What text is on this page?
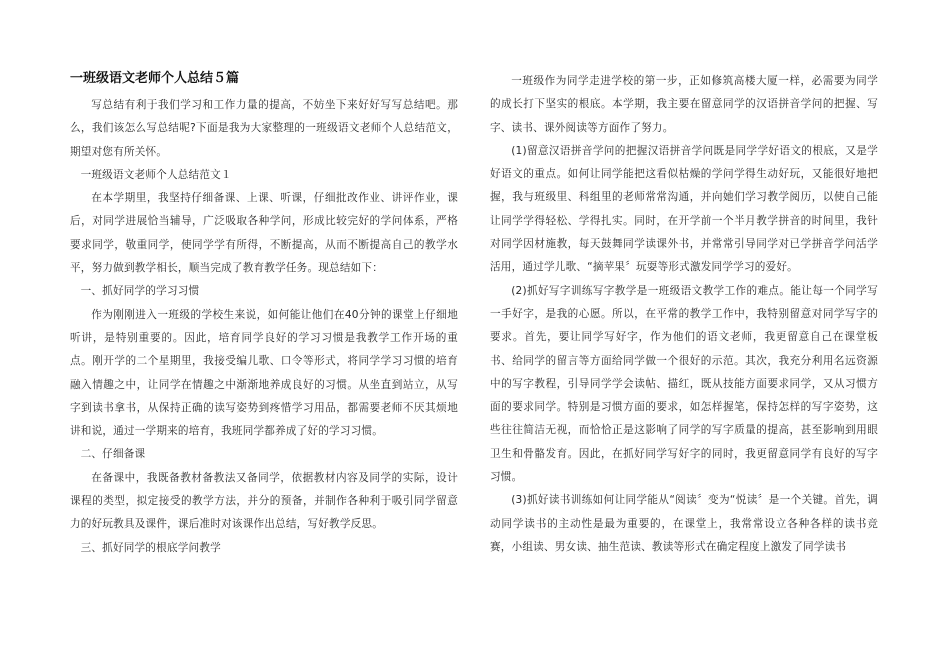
一班级语文老师个人总结５篇

写总结有利于我们学习和工作力量的提高，不妨坐下来好好写写总结吧。那么，我们该怎么写总结呢?下面是我为大家整理的一班级语文老师个人总结范文，期望对您有所关怀。

一班级语文老师个人总结范文１

在本学期里，我坚持仔细备课、上课、听课，仔细批改作业、讲评作业，课后，对同学进展恰当辅导，广泛吸取各种学问，形成比较完好的学问体系，严格要求同学，敬重同学，使同学学有所得，不断提高，从而不断提高自己的教学水平，努力做到教学相长，顺当完成了教育教学任务。现总结如下：

一、抓好同学的学习习惯

作为刚刚进入一班级的学校生来说，如何能让他们在40分钟的课堂上仔细地听讲，是特别重要的。因此，培育同学良好的学习习惯是我教学工作开场的重点。刚开学的二个星期里，我接受编儿歌、口令等形式，将同学学习习惯的培育融入情趣之中，让同学在情趣之中渐渐地养成良好的习惯。从坐直到站立，从写字到读书拿书，从保持正确的读写姿势到疼惜学习用品，都需要老师不厌其烦地讲和说，通过一学期来的培育，我班同学都养成了好的学习习惯。

二、仔细备课

在备课中，我既备教材备教法又备同学，依据教材内容及同学的实际，设计课程的类型，拟定接受的教学方法，并分的预备，并制作各种利于吸引同学留意力的好玩教具及课件，课后准时对该课作出总结，写好教学反思。

三、抓好同学的根底学问教学

一班级作为同学走进学校的第一步，正如修筑高楼大厦一样，必需要为同学的成长打下坚实的根底。本学期，我主要在留意同学的汉语拼音学问的把握、写字、读书、课外阅读等方面作了努力。

(1)留意汉语拼音学问的把握汉语拼音学问既是同学学好语文的根底，又是学好语文的重点。如何让同学能把这看似枯燥的学问学得生动好玩，又能很好地把握，我与班级里、科组里的老师常常沟通，并向她们学习教学阅历，以使自己能让同学学得轻松、学得扎实。同时，在开学前一个半月教学拼音的时间里，我针对同学因材施教，每天鼓舞同学读课外书，并常常引导同学对已学拼音学问活学活用，通过学儿歌、“摘苹果〞玩耍等形式激发同学学习的爱好。

(2)抓好写字训练写字教学是一班级语文教学工作的难点。能让每一个同学写一手好字，是我的心愿。所以，在平常的教学工作中，我特别留意对同学写字的要求。首先，要让同学写好字，作为他们的语文老师，我更留意自己在课堂板书、给同学的留言等方面给同学做一个很好的示范。其次，我充分利用名远资源中的写字教程，引导同学学会读帖、描红，既从技能方面要求同学，又从习惯方面的要求同学。特别是习惯方面的要求，如怎样握笔，保持怎样的写字姿势，这些往往简洁无视，而恰恰正是这影响了同学的写字质量的提高，甚至影响到用眼卫生和骨骼发育。因此，在抓好同学写好字的同时，我更留意同学有良好的写字习惯。

(3)抓好读书训练如何让同学能从“阅读〞变为“悦读〞是一个关键。首先，调动同学读书的主动性是最为重要的，在课堂上，我常常设立各种各样的读书竞赛，小组读、男女读、抽生范读、教读等形式在确定程度上激发了同学读书
